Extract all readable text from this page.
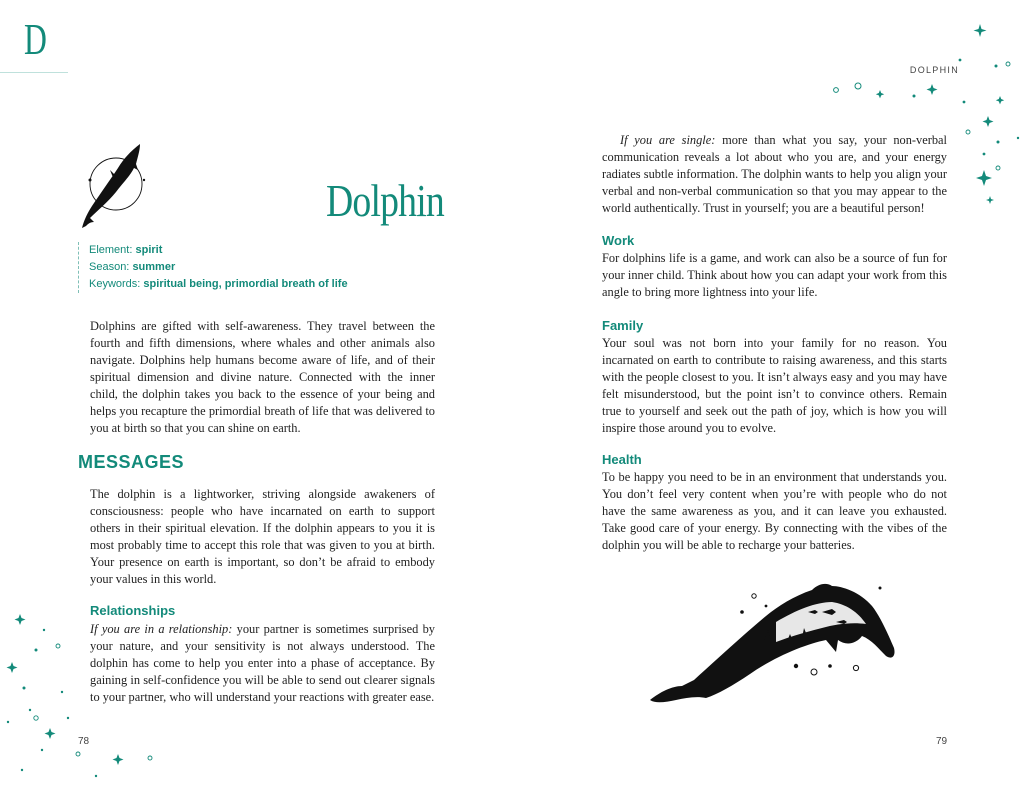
D
Dolphin
Element: spirit
Season: summer
Keywords: spiritual being, primordial breath of life

Dolphins are gifted with self-awareness. They travel between the fourth and fifth dimensions, where whales and other animals also navigate. Dolphins help humans become aware of life, and of their spiritual dimension and divine nature. Connected with the inner child, the dolphin takes you back to the essence of your being and helps you recapture the primordial breath of life that was delivered to you at birth so that you can shine on earth.

MESSAGES

The dolphin is a lightworker, striving alongside awakeners of consciousness: people who have incarnated on earth to support others in their spiritual elevation. If the dolphin appears to you it is most probably time to accept this role that was given to you at birth. Your presence on earth is important, so don’t be afraid to embody your values in this world.

Relationships

If you are in a relationship: your partner is sometimes surprised by your nature, and your sensitivity is not always understood. The dolphin has come to help you enter into a phase of acceptance. By gaining in self-confidence you will be able to send out clearer signals to your partner, who will understand your reactions with greater ease.

78
DOLPHIN

If you are single: more than what you say, your non-verbal communication reveals a lot about who you are, and your energy radiates subtle information. The dolphin wants to help you align your verbal and non-verbal communication so that you may appear to the world authentically. Trust in yourself; you are a beautiful person!

Work

For dolphins life is a game, and work can also be a source of fun for your inner child. Think about how you can adapt your work from this angle to bring more lightness into your life.

Family

Your soul was not born into your family for no reason. You incarnated on earth to contribute to raising awareness, and this starts with the people closest to you. It isn’t always easy and you may have felt misunderstood, but the point isn’t to convince others. Remain true to yourself and seek out the path of joy, which is how you will inspire those around you to evolve.

Health

To be happy you need to be in an environment that understands you. You don’t feel very content when you’re with people who do not have the same awareness as you, and it can leave you exhausted. Take good care of your energy. By connecting with the vibes of the dolphin you will be able to recharge your batteries.

79
